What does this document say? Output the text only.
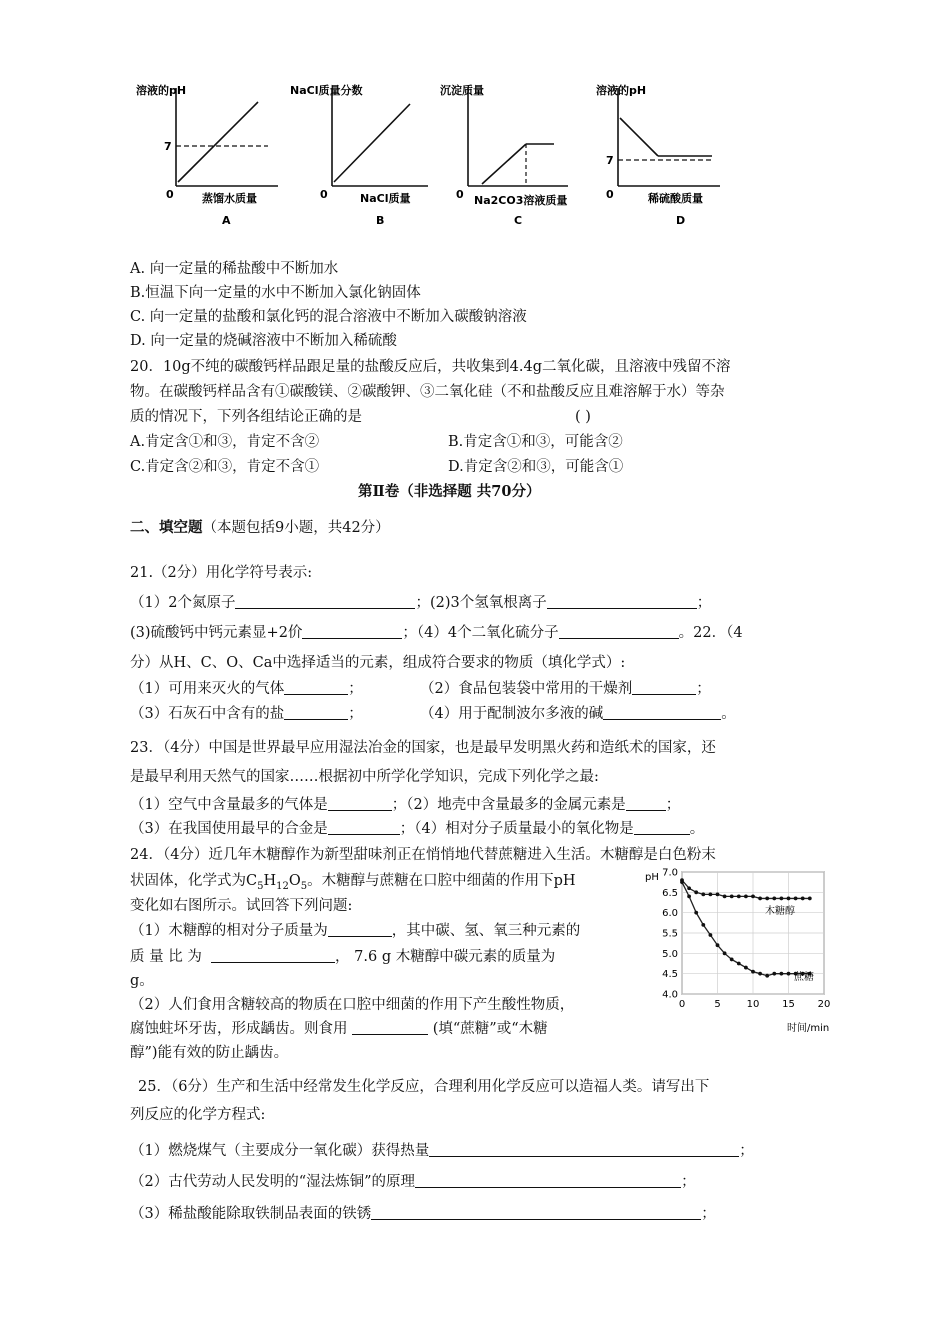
溶液的pH
7
0	蒸馏水质量
A
NaCl质量分数
0	NaCl质量
B
沉淀质量
0 Na2CO3溶液质量
C
溶液的pH
7
0	稀硫酸质量
D
A. 向一定量的稀盐酸中不断加水
B.恒温下向一定量的水中不断加入氯化钠固体
C. 向一定量的盐酸和氯化钙的混合溶液中不断加入碳酸钠溶液
D. 向一定量的烧碱溶液中不断加入稀硫酸
20．10g不纯的碳酸钙样品跟足量的盐酸反应后，共收集到4.4g二氧化碳，且溶液中残留不溶
物。在碳酸钙样品含有①碳酸镁、②碳酸钾、③二氧化硅（不和盐酸反应且难溶解于水）等杂
质的情况下，下列各组结论正确的是	( )
A.肯定含①和③，肯定不含②	B.肯定含①和③，可能含②
C.肯定含②和③，肯定不含①	D.肯定含②和③，可能含①
第Ⅱ卷（非选择题 共70分）
二、填空题（本题包括9小题，共42分）
21.（2分）用化学符号表示:
（1）2个氮原子	；(2)3个氢氧根离子	；
(3)硫酸钙中钙元素显+2价	；（4）4个二氧化硫分子	。22．（4
分）从H、C、O、Ca中选择适当的元素，组成符合要求的物质（填化学式）:
（1）可用来灭火的气体	；	（2）食品包装袋中常用的干燥剂	；
（3）石灰石中含有的盐	；	（4）用于配制波尔多液的碱	。
23．（4分）中国是世界最早应用湿法冶金的国家，也是最早发明黑火药和造纸术的国家，还
是最早利用天然气的国家……根据初中所学化学知识，完成下列化学之最:
（1）空气中含量最多的气体是	；（2）地壳中含量最多的金属元素是	；
（3）在我国使用最早的合金是	；（4）相对分子质量最小的氧化物是	。
24．（4分）近几年木糖醇作为新型甜味剂正在悄悄地代替蔗糖进入生活。木糖醇是白色粉末
状固体，化学式为$C_5H_{12}O_5$。木糖醇与蔗糖在口腔中细菌的作用下pH
变化如右图所示。试回答下列问题:
（1）木糖醇的相对分子质量为	，其中碳、氢、氧三种元素的
质 量 比 为	， 7.6 g 木糖醇中碳元素的质量为
g。
（2）人们食用含糖较高的物质在口腔中细菌的作用下产生酸性物质，
腐蚀蛀坏牙齿，形成龋齿。则食用	(填“蔗糖”或“木糖
醇”)能有效的防止龋齿。
4.0
4.5
5.0
5.5
6.0
6.5
7.0
0	5	10 15 20
pH
时间/min
木糖醇
蔗糖
25．（6分）生产和生活中经常发生化学反应，合理利用化学反应可以造福人类。请写出下
列反应的化学方程式:
（1）燃烧煤气（主要成分一氧化碳）获得热量	；
（2）古代劳动人民发明的“湿法炼铜”的原理	；
（3）稀盐酸能除取铁制品表面的铁锈	；
